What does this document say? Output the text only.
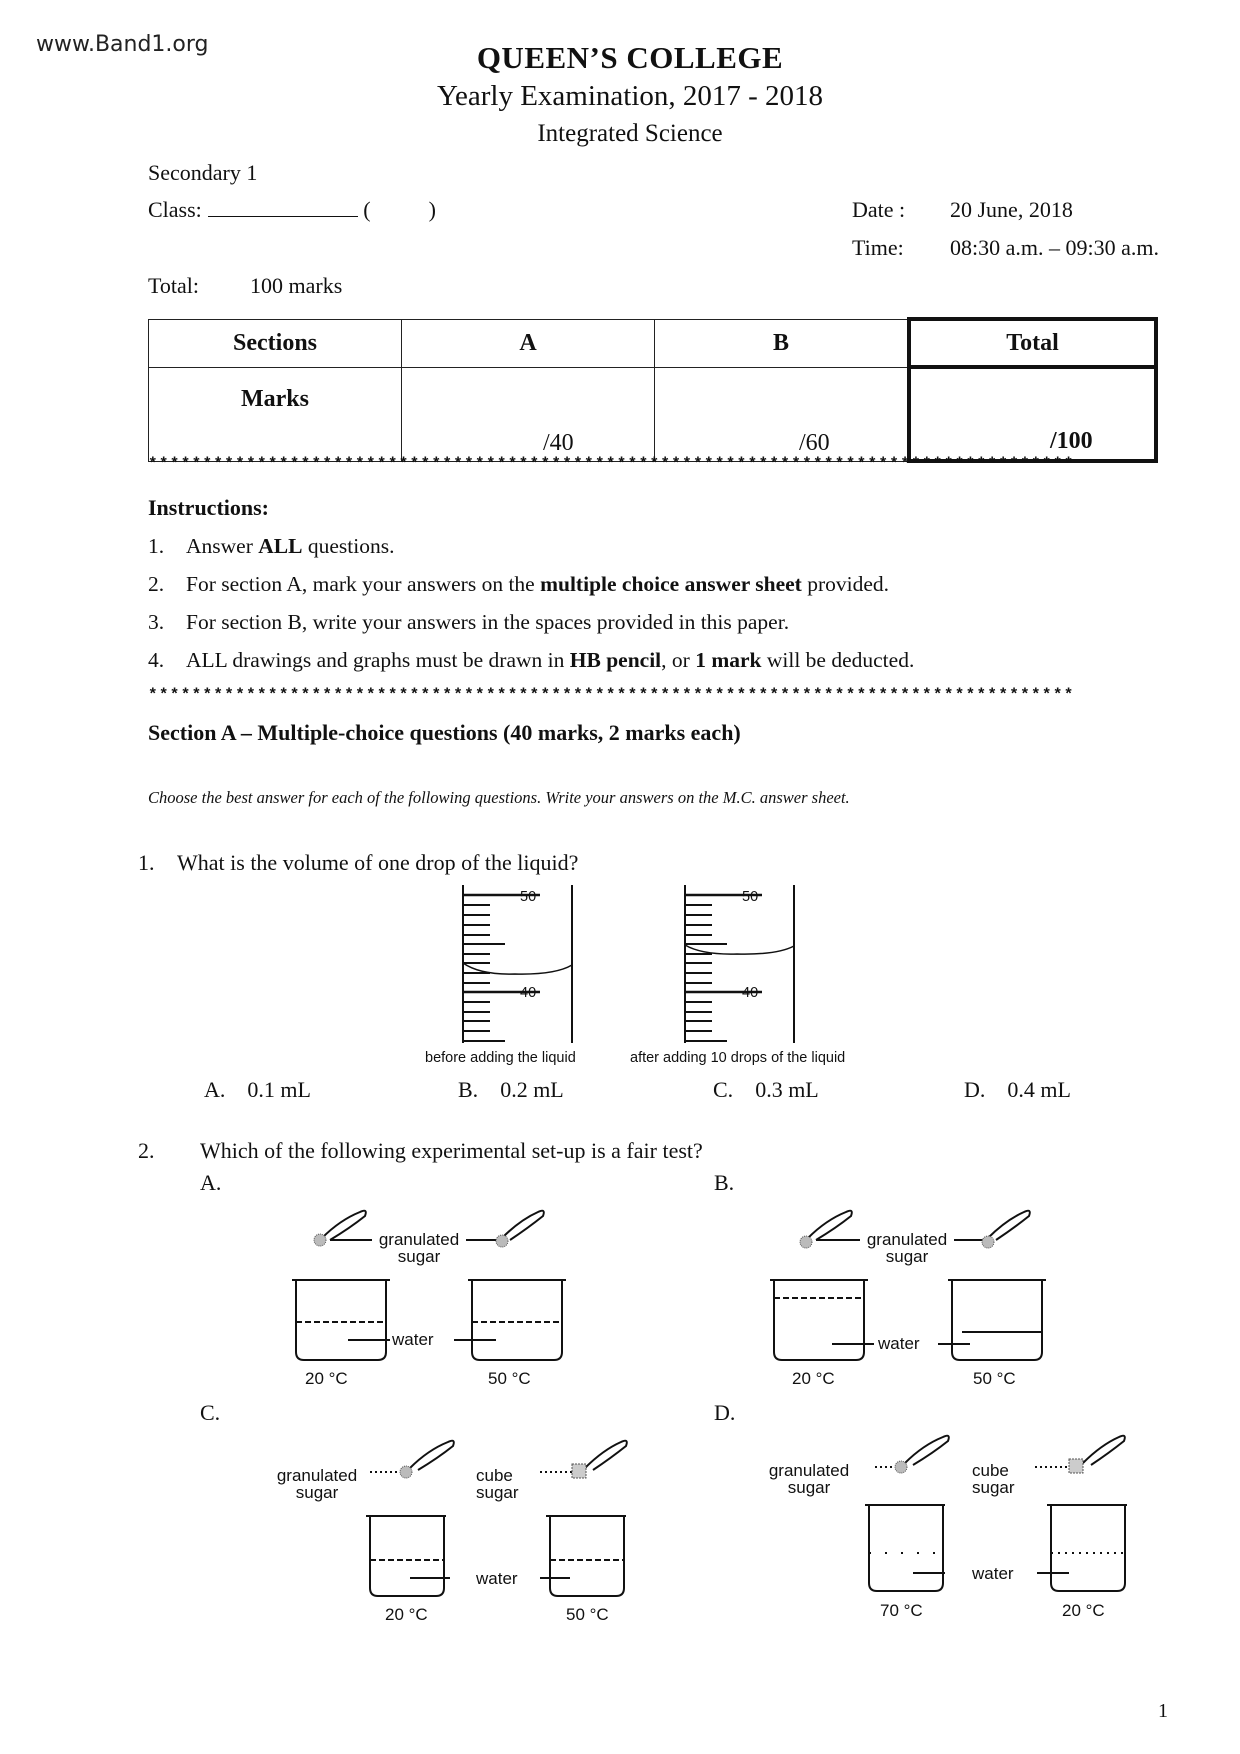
www.Band1.org	QUEEN’S COLLEGE
Yearly Examination, 2017 - 2018
Integrated Science
Secondary 1
Class:	(	)	Date : 20 June, 2018
Time: 08:30 a.m. – 09:30 a.m.
Total: 100 marks
Sections	A	B	Total
Marks	/40	/60	/100
*************************************************************************************
Instructions:
1. Answer ALL questions.
2. For section A, mark your answers on the multiple choice answer sheet provided.
3. For section B, write your answers in the spaces provided in this paper.
4. ALL drawings and graphs must be drawn in HB pencil, or 1 mark will be deducted.
*************************************************************************************
Section A – Multiple-choice questions (40 marks, 2 marks each)
Choose the best answer for each of the following questions. Write your answers on the M.C. answer sheet.
1. What is the volume of one drop of the liquid?
50
40
before adding the liquid
50
40
after adding 10 drops of the liquid
A. 0.1 mL	B. 0.2 mL	C. 0.3 mL	D. 0.4 mL
2. Which of the following experimental set-up is a fair test?
A.	B.
C.	D.
granulated
sugar
water
20 °C	50 °C
granulated
sugar
water
20 °C	50 °C
granulated
sugar
cube
sugar
water
20 °C	50 °C
granulated
sugar
cube
sugar
water
70 °C	20 °C
1
